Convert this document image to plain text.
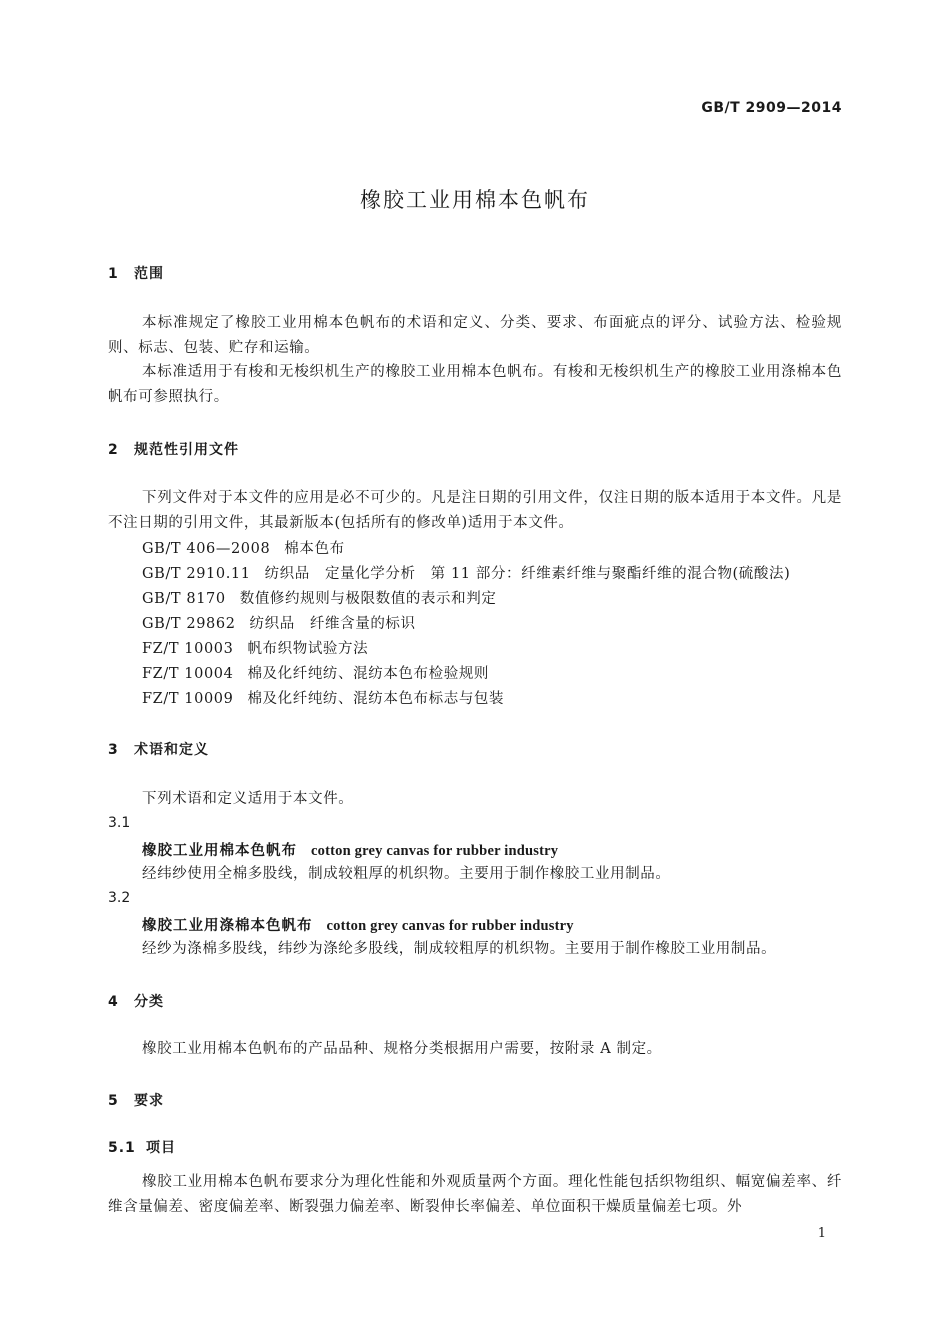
GB/T 2909—2014
橡胶工业用棉本色帆布
1 范围
本标准规定了橡胶工业用棉本色帆布的术语和定义、分类、要求、布面疵点的评分、试验方法、检验规则、标志、包装、贮存和运输。
本标准适用于有梭和无梭织机生产的橡胶工业用棉本色帆布。有梭和无梭织机生产的橡胶工业用涤棉本色帆布可参照执行。
2 规范性引用文件
下列文件对于本文件的应用是必不可少的。凡是注日期的引用文件，仅注日期的版本适用于本文件。凡是不注日期的引用文件，其最新版本(包括所有的修改单)适用于本文件。
GB/T 406—2008 棉本色布
GB/T 2910.11 纺织品　定量化学分析　第 11 部分：纤维素纤维与聚酯纤维的混合物(硫酸法)
GB/T 8170 数值修约规则与极限数值的表示和判定
GB/T 29862 纺织品　纤维含量的标识
FZ/T 10003 帆布织物试验方法
FZ/T 10004 棉及化纤纯纺、混纺本色布检验规则
FZ/T 10009 棉及化纤纯纺、混纺本色布标志与包装
3 术语和定义
下列术语和定义适用于本文件。
3.1
橡胶工业用棉本色帆布 cotton grey canvas for rubber industry
经纬纱使用全棉多股线，制成较粗厚的机织物。主要用于制作橡胶工业用制品。
3.2
橡胶工业用涤棉本色帆布 cotton grey canvas for rubber industry
经纱为涤棉多股线，纬纱为涤纶多股线，制成较粗厚的机织物。主要用于制作橡胶工业用制品。
4 分类
橡胶工业用棉本色帆布的产品品种、规格分类根据用户需要，按附录 A 制定。
5 要求
5.1 项目
橡胶工业用棉本色帆布要求分为理化性能和外观质量两个方面。理化性能包括织物组织、幅宽偏差率、纤维含量偏差、密度偏差率、断裂强力偏差率、断裂伸长率偏差、单位面积干燥质量偏差七项。外
1
